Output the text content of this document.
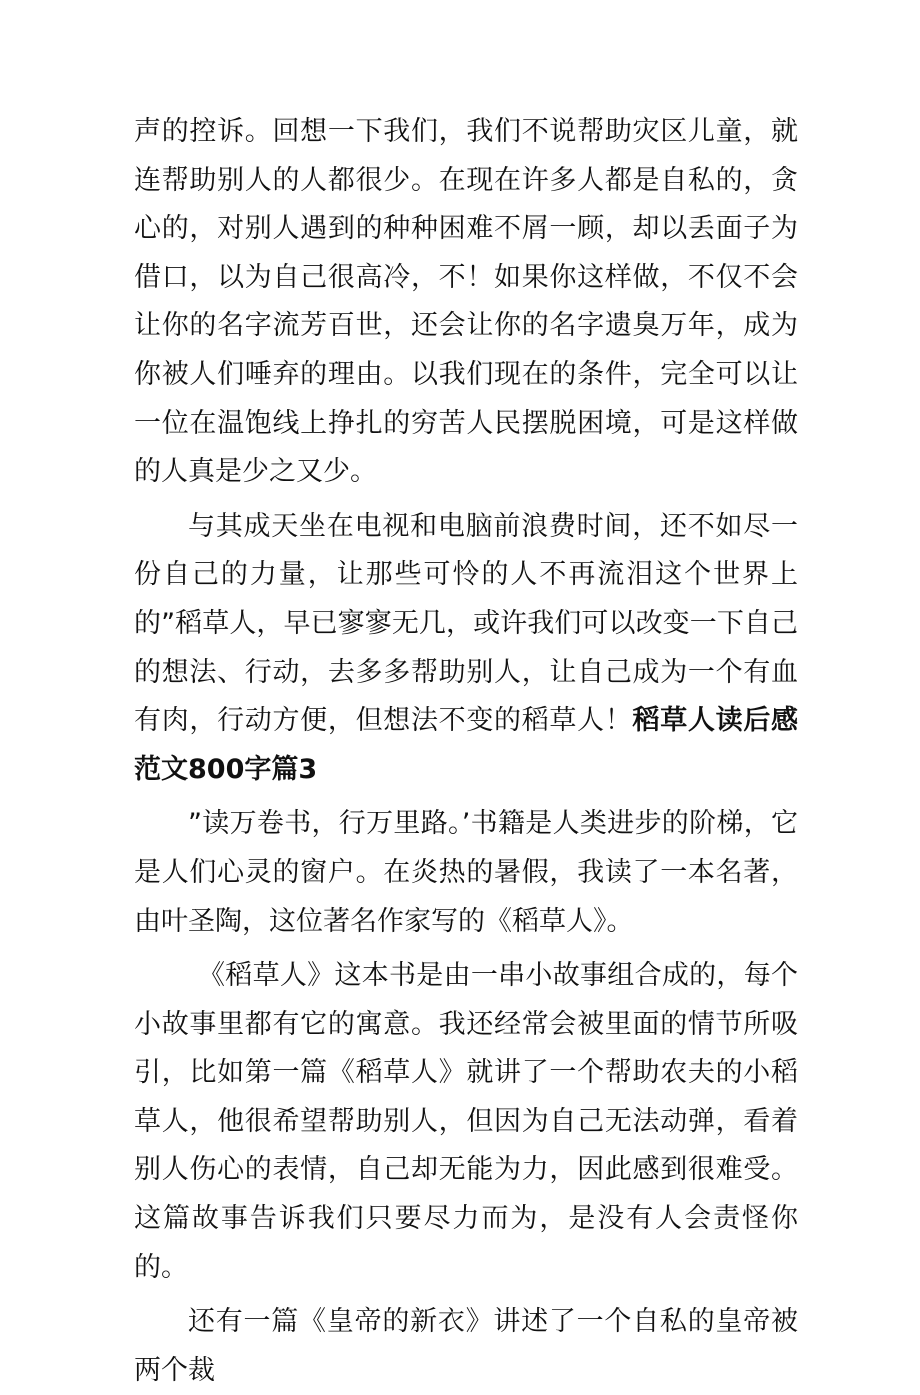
声的控诉。回想一下我们，我们不说帮助灾区儿童，就连帮助别人的人都很少。在现在许多人都是自私的，贪心的，对别人遇到的种种困难不屑一顾，却以丢面子为借口，以为自己很高冷，不！如果你这样做，不仅不会让你的名字流芳百世，还会让你的名字遗臭万年，成为你被人们唾弃的理由。以我们现在的条件，完全可以让一位在温饱线上挣扎的穷苦人民摆脱困境，可是这样做的人真是少之又少。

与其成天坐在电视和电脑前浪费时间，还不如尽一份自己的力量，让那些可怜的人不再流泪这个世界上的”稻草人，早已寥寥无几，或许我们可以改变一下自己的想法、行动，去多多帮助别人，让自己成为一个有血有肉，行动方便，但想法不变的稻草人！稻草人读后感范文800字篇3

”读万卷书，行万里路。’书籍是人类进步的阶梯，它是人们心灵的窗户。在炎热的暑假，我读了一本名著，由叶圣陶，这位著名作家写的《稻草人》。

《稻草人》这本书是由一串小故事组合成的，每个小故事里都有它的寓意。我还经常会被里面的情节所吸引，比如第一篇《稻草人》就讲了一个帮助农夫的小稻草人，他很希望帮助别人，但因为自己无法动弹，看着别人伤心的表情，自己却无能为力，因此感到很难受。这篇故事告诉我们只要尽力而为，是没有人会责怪你的。

还有一篇《皇帝的新衣》讲述了一个自私的皇帝被两个裁
